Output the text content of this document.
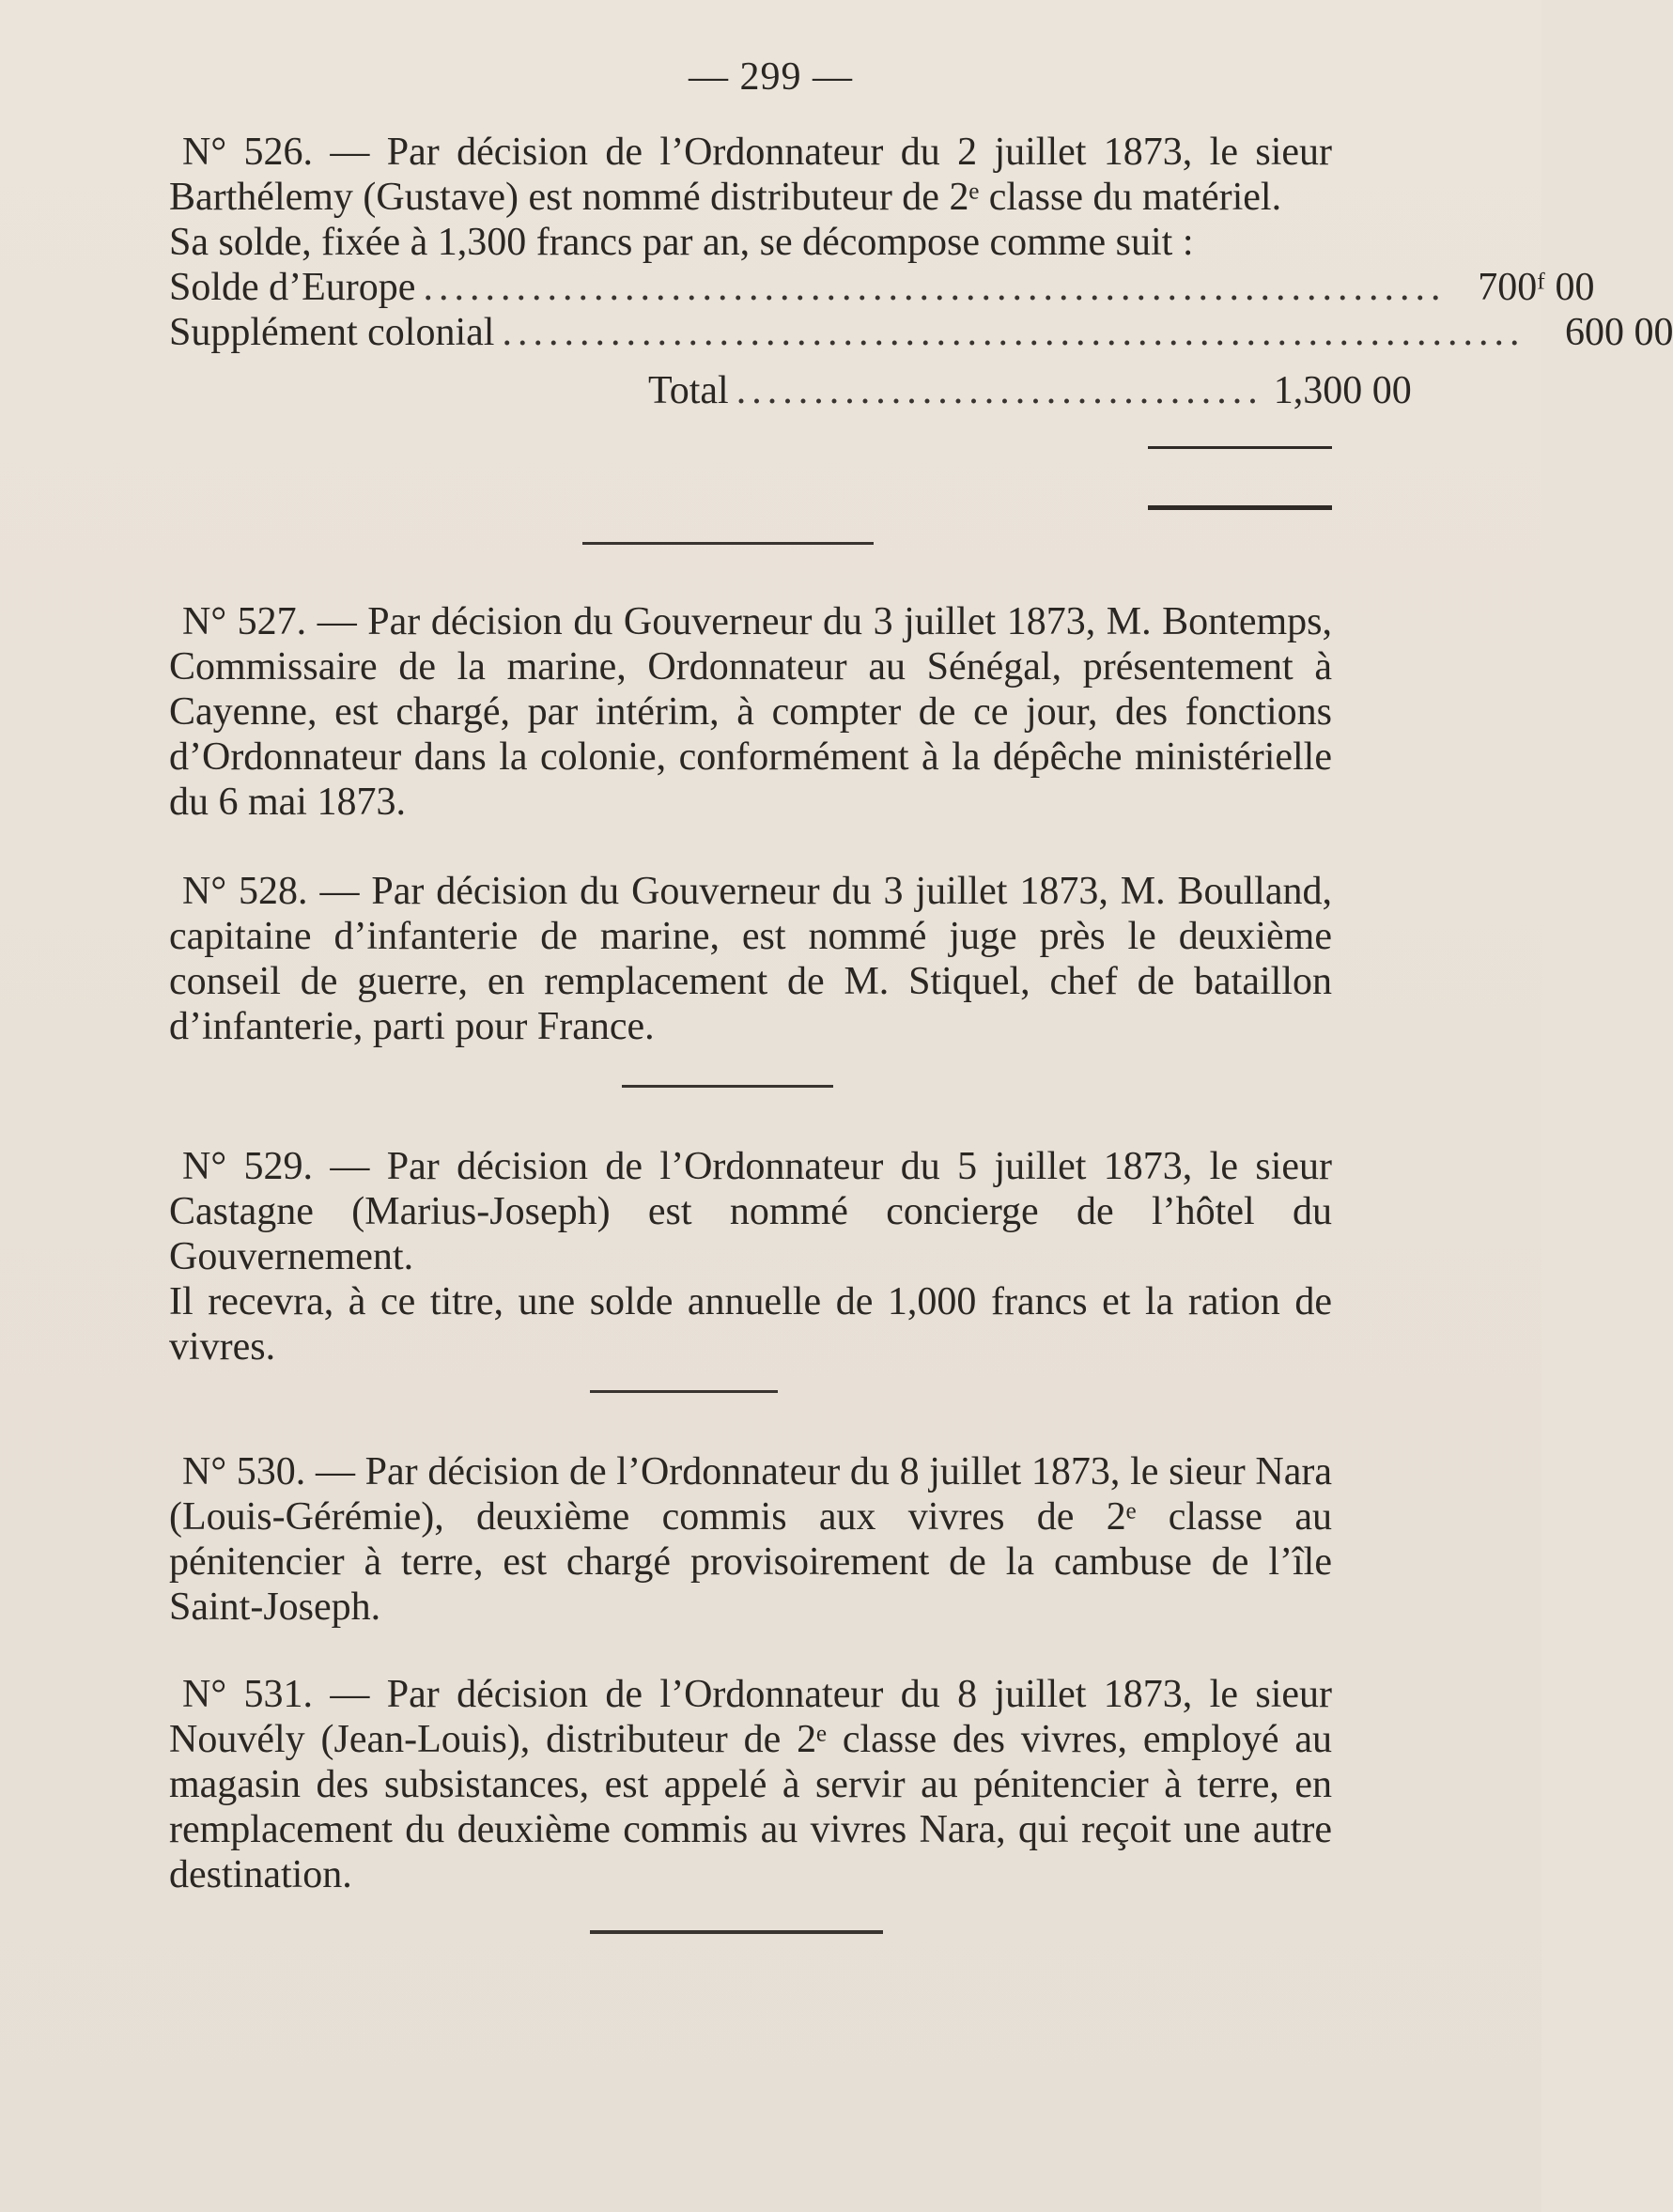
— 299 —

N° 526. — Par décision de l’Ordonnateur du 2 juillet 1873, le sieur Barthélemy (Gustave) est nommé distributeur de 2ᵉ classe du matériel.

Sa solde, fixée à 1,300 francs par an, se décompose comme suit :

Solde d’Europe .................................................................. 700ᶠ 00
Supplément colonial ..................................................................	600 00
Total .................................. 1,300 00

N° 527. — Par décision du Gouverneur du 3 juillet 1873, M. Bontemps, Commissaire de la marine, Ordonnateur au Sénégal, présentement à Cayenne, est chargé, par intérim, à compter de ce jour, des fonctions d’Ordonnateur dans la colonie, conformément à la dépêche ministérielle du 6 mai 1873.

N° 528. — Par décision du Gouverneur du 3 juillet 1873, M. Boulland, capitaine d’infanterie de marine, est nommé juge près le deuxième conseil de guerre, en remplacement de M. Stiquel, chef de bataillon d’infanterie, parti pour France.

N° 529. — Par décision de l’Ordonnateur du 5 juillet 1873, le sieur Castagne (Marius-Joseph) est nommé concierge de l’hôtel du Gouvernement.

Il recevra, à ce titre, une solde annuelle de 1,000 francs et la ration de vivres.

N° 530. — Par décision de l’Ordonnateur du 8 juillet 1873, le sieur Nara (Louis-Gérémie), deuxième commis aux vivres de 2ᵉ classe au pénitencier à terre, est chargé provisoirement de la cambuse de l’île Saint-Joseph.

N° 531. — Par décision de l’Ordonnateur du 8 juillet 1873, le sieur Nouvély (Jean-Louis), distributeur de 2ᵉ classe des vivres, employé au magasin des subsistances, est appelé à servir au pénitencier à terre, en remplacement du deuxième commis au vivres Nara, qui reçoit une autre destination.
